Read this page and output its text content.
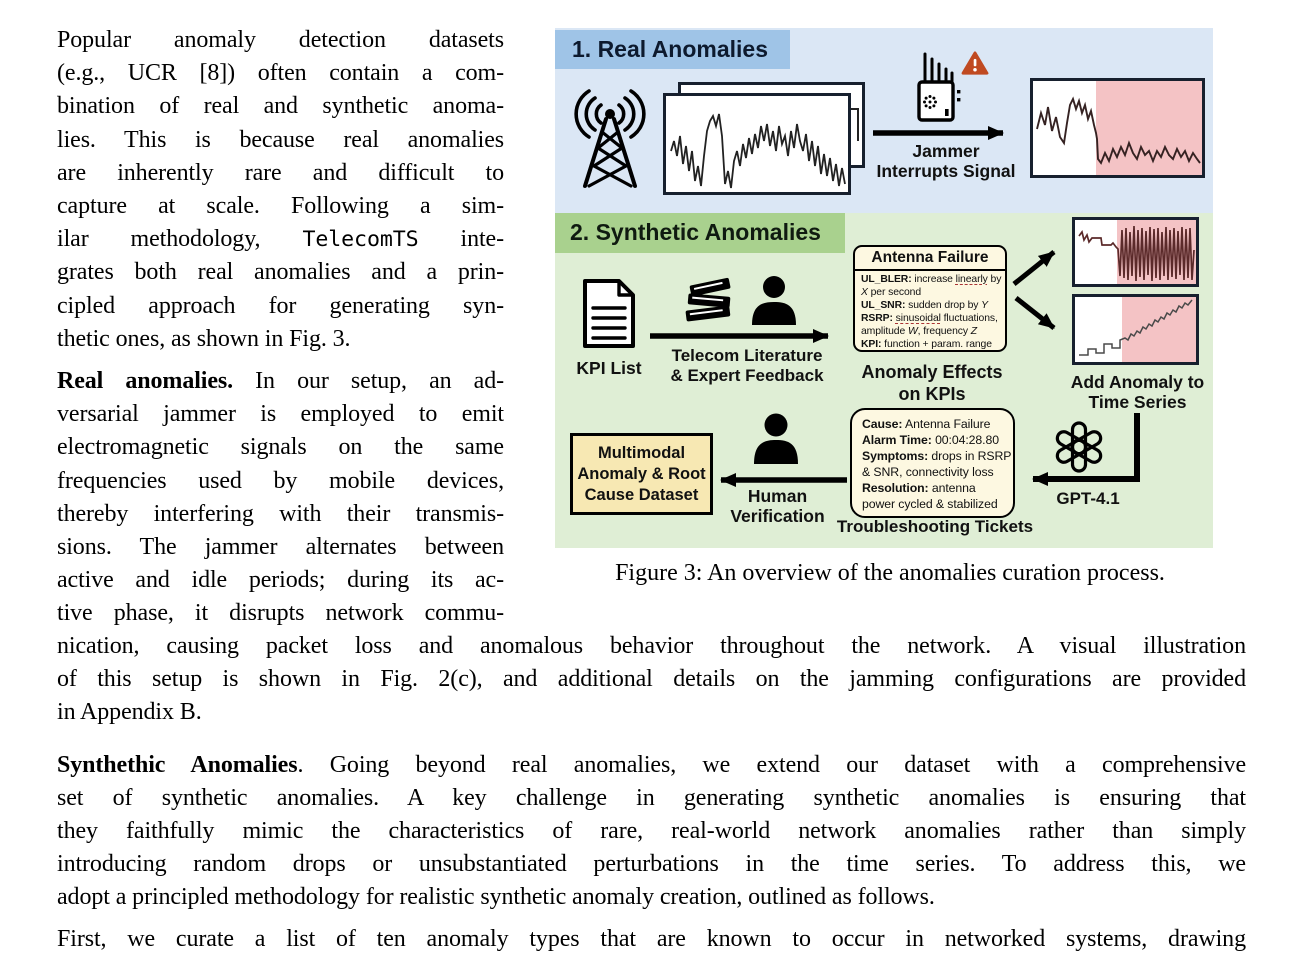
Popular anomaly detection datasets
(e.g., UCR [8]) often contain a com-
bination of real and synthetic anoma-
lies. This is because real anomalies
are inherently rare and difficult to
capture at scale. Following a sim-
ilar methodology, TelecomTS inte-
grates both real anomalies and a prin-
cipled approach for generating syn-
thetic ones, as shown in Fig. 3.
Real anomalies. In our setup, an ad-
versarial jammer is employed to emit
electromagnetic signals on the same
frequencies used by mobile devices,
thereby interfering with their transmis-
sions. The jammer alternates between
active and idle periods; during its ac-
tive phase, it disrupts network commu-
1. Real Anomalies
Jammer
Interrupts Signal
2. Synthetic Anomalies
KPI List
Telecom Literature
& Expert Feedback
Antenna Failure
UL_BLER: increase linearly by
X per second
UL_SNR: sudden drop by Y
RSRP: sinusoidal fluctuations,
amplitude W, frequency Z
KPI: function + param. range
Anomaly Effects
on KPIs
Add Anomaly to
Time Series
GPT-4.1
Cause: Antenna Failure
Alarm Time: 00:04:28.80
Symptoms: drops in RSRP
& SNR, connectivity loss
Resolution: antenna
power cycled & stabilized
Troubleshooting Tickets
Human
Verification
Multimodal
Anomaly & Root
Cause Dataset
Figure 3: An overview of the anomalies curation process.
nication, causing packet loss and anomalous behavior throughout the network. A visual illustration
of this setup is shown in Fig. 2(c), and additional details on the jamming configurations are provided
in Appendix B.
Synthethic Anomalies. Going beyond real anomalies, we extend our dataset with a comprehensive
set of synthetic anomalies. A key challenge in generating synthetic anomalies is ensuring that
they faithfully mimic the characteristics of rare, real-world network anomalies rather than simply
introducing random drops or unsubstantiated perturbations in the time series. To address this, we
adopt a principled methodology for realistic synthetic anomaly creation, outlined as follows.
First, we curate a list of ten anomaly types that are known to occur in networked systems, drawing
